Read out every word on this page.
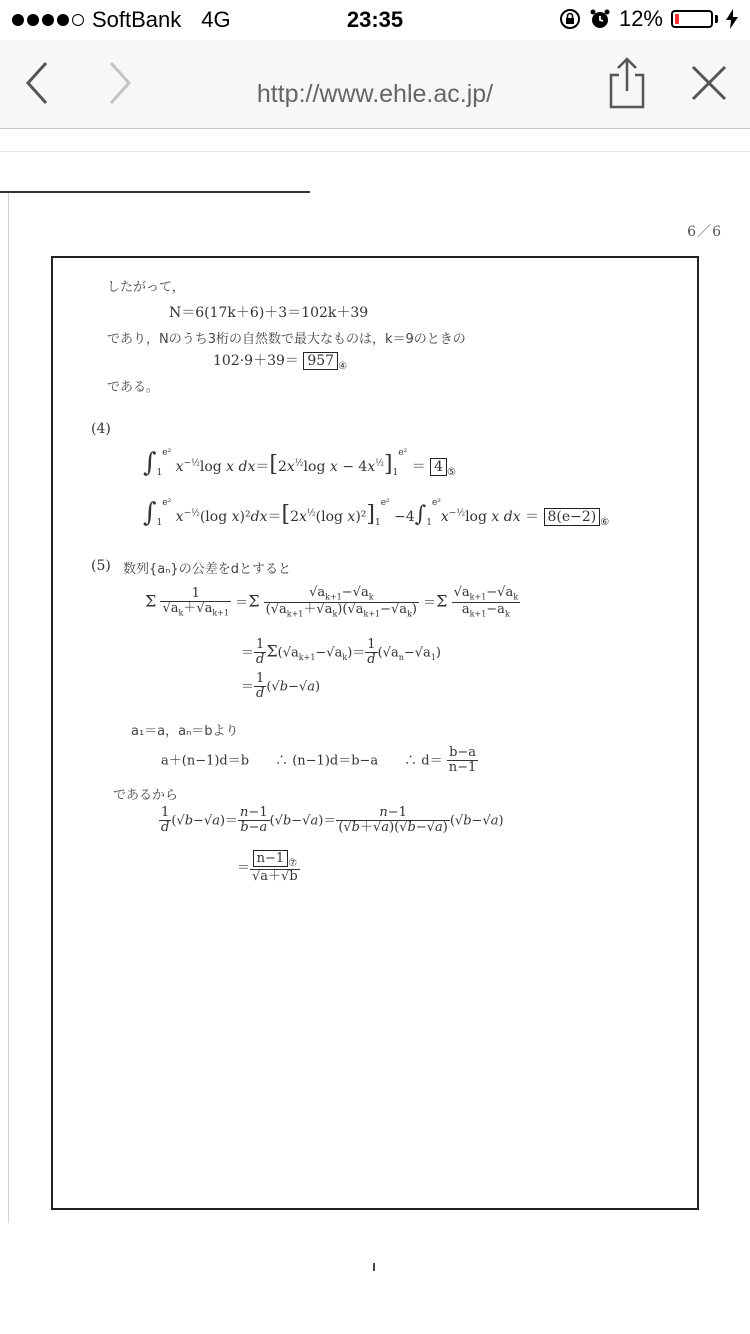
SoftBank 4G	23:35	12%
http://www.ehle.ac.jp/
6／6
したがって，
N＝6(17k＋6)＋3＝102k＋39
であり，Nのうち3桁の自然数で最大なものは，k＝9のときの
102·9＋39＝ 957 $_④$
である。
(4)
$\int_1^{e^2}$ $x^{-\frac{1}{2}}\log$ x $dx=[2x^{\frac{1}{2}}\log$ $x - 4x^{\frac{1}{2}}]_1^{e^2} = 4$ $_⑤$
$\int_1^{e^2}$ $x^{-\frac{1}{2}}(\log$ $x)^2dx=[2x^{\frac{1}{2}}(\log$ $x)^2]_1^{e^2} -4\int_1^{e^2}x^{-\frac{1}{2}}\log$ x dx ＝ 8(e−2) $_⑥$
(5) 数列{aₙ}の公差をdとすると
Σ $\frac{1}{√a_k+√a_{k+1}} =\Sigma \frac{√a_{k+1}-√a_k}{(√a_{k+1}+√a_k)(√a_{k+1}-√a_k)} =\Sigma \frac{√a_{k+1}-√a_k}{a_{k+1}-a_k}$
＝ $\frac{1}{d} \Sigma(√a_{k+1}-√a_k)= \frac{1}{d} (√a_n-√a_1)$
＝ $\frac{1}{d} (√b-√a)$
a₁＝a，aₙ＝bより
a＋(n−1)d＝b　　∴ (n−1)d＝b−a　　∴ $d= \frac{b-a}{n-1}$
であるから
$\frac{1}{d} (√b-√a)= \frac{n-1}{b-a} (√b-√a)= \frac{n-1}{(√b+√a)(√b-√a)} (√b-√a)$
＝ $\frac{n-1 _⑦}{√a+√b}$
